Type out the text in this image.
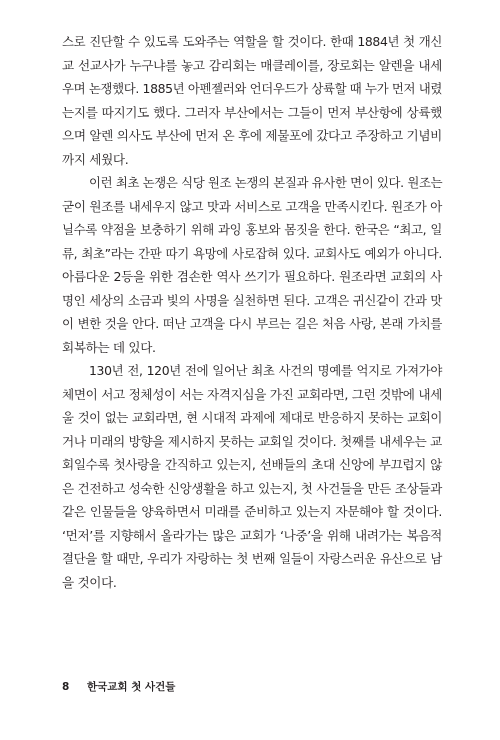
스로 진단할 수 있도록 도와주는 역할을 할 것이다. 한때 1884년 첫 개신
교 선교사가 누구냐를 놓고 감리회는 매클레이를, 장로회는 알렌을 내세
우며 논쟁했다. 1885년 아펜젤러와 언더우드가 상륙할 때 누가 먼저 내렸
는지를 따지기도 했다. 그러자 부산에서는 그들이 먼저 부산항에 상륙했
으며 알렌 의사도 부산에 먼저 온 후에 제물포에 갔다고 주장하고 기념비
까지 세웠다.
이런 최초 논쟁은 식당 원조 논쟁의 본질과 유사한 면이 있다. 원조는
굳이 원조를 내세우지 않고 맛과 서비스로 고객을 만족시킨다. 원조가 아
닐수록 약점을 보충하기 위해 과잉 홍보와 몸짓을 한다. 한국은 “최고, 일
류, 최초”라는 간판 따기 욕망에 사로잡혀 있다. 교회사도 예외가 아니다.
아름다운 2등을 위한 겸손한 역사 쓰기가 필요하다. 원조라면 교회의 사
명인 세상의 소금과 빛의 사명을 실천하면 된다. 고객은 귀신같이 간과 맛
이 변한 것을 안다. 떠난 고객을 다시 부르는 길은 처음 사랑, 본래 가치를
회복하는 데 있다.
130년 전, 120년 전에 일어난 최초 사건의 명예를 억지로 가져가야
체면이 서고 정체성이 서는 자격지심을 가진 교회라면, 그런 것밖에 내세
울 것이 없는 교회라면, 현 시대적 과제에 제대로 반응하지 못하는 교회이
거나 미래의 방향을 제시하지 못하는 교회일 것이다. 첫째를 내세우는 교
회일수록 첫사랑을 간직하고 있는지, 선배들의 초대 신앙에 부끄럽지 않
은 건전하고 성숙한 신앙생활을 하고 있는지, 첫 사건들을 만든 조상들과
같은 인물들을 양육하면서 미래를 준비하고 있는지 자문해야 할 것이다.
‘먼저’를 지향해서 올라가는 많은 교회가 ‘나중’을 위해 내려가는 복음적
결단을 할 때만, 우리가 자랑하는 첫 번째 일들이 자랑스러운 유산으로 남
을 것이다.
8 한국교회 첫 사건들
